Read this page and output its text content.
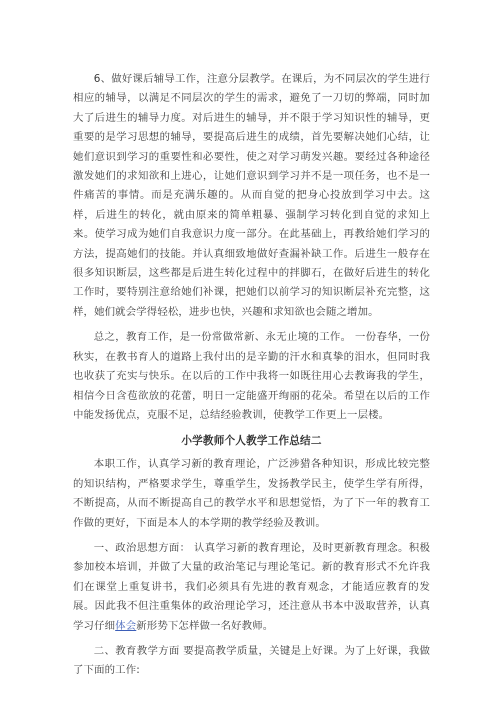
6、做好课后辅导工作，注意分层教学。在课后，为不同层次的学生进行相应的辅导，以满足不同层次的学生的需求，避免了一刀切的弊端，同时加大了后进生的辅导力度。对后进生的辅导，并不限于学习知识性的辅导，更重要的是学习思想的辅导，要提高后进生的成绩，首先要解决她们心结，让她们意识到学习的重要性和必要性，使之对学习萌发兴趣。要经过各种途径激发她们的求知欲和上进心，让她们意识到学习并不是一项任务，也不是一件痛苦的事情。而是充满乐趣的。从而自觉的把身心投放到学习中去。这样，后进生的转化，就由原来的简单粗暴、强制学习转化到自觉的求知上来。使学习成为她们自我意识力度一部分。在此基础上，再教给她们学习的方法，提高她们的技能。并认真细致地做好查漏补缺工作。后进生一般存在很多知识断层，这些都是后进生转化过程中的拌脚石，在做好后进生的转化工作时，要特别注意给她们补课，把她们以前学习的知识断层补充完整，这样，她们就会学得轻松，进步也快，兴趣和求知欲也会随之增加。

总之，教育工作，是一份常做常新、永无止境的工作。 一份春华，一份秋实，在教书育人的道路上我付出的是辛勤的汗水和真挚的泪水，但同时我也收获了充实与快乐。在以后的工作中我将一如既往用心去教诲我的学生，相信今日含苞欲放的花蕾，明日一定能盛开绚丽的花朵。希望在以后的工作中能发扬优点，克服不足，总结经验教训，使教学工作更上一层楼。

小学教师个人教学工作总结二

本职工作，认真学习新的教育理论，广泛涉猎各种知识，形成比较完整的知识结构，严格要求学生，尊重学生，发扬教学民主，使学生学有所得，不断提高，从而不断提高自己的教学水平和思想觉悟，为了下一年的教育工作做的更好，下面是本人的本学期的教学经验及教训。

一、政治思想方面： 认真学习新的教育理论，及时更新教育理念。积极参加校本培训，并做了大量的政治笔记与理论笔记。新的教育形式不允许我们在课堂上重复讲书，我们必须具有先进的教育观念，才能适应教育的发展。因此我不但注重集体的政治理论学习，还注意从书本中汲取营养，认真学习仔细体会新形势下怎样做一名好教师。

二、教育教学方面 要提高教学质量，关键是上好课。为了上好课，我做了下面的工作:
